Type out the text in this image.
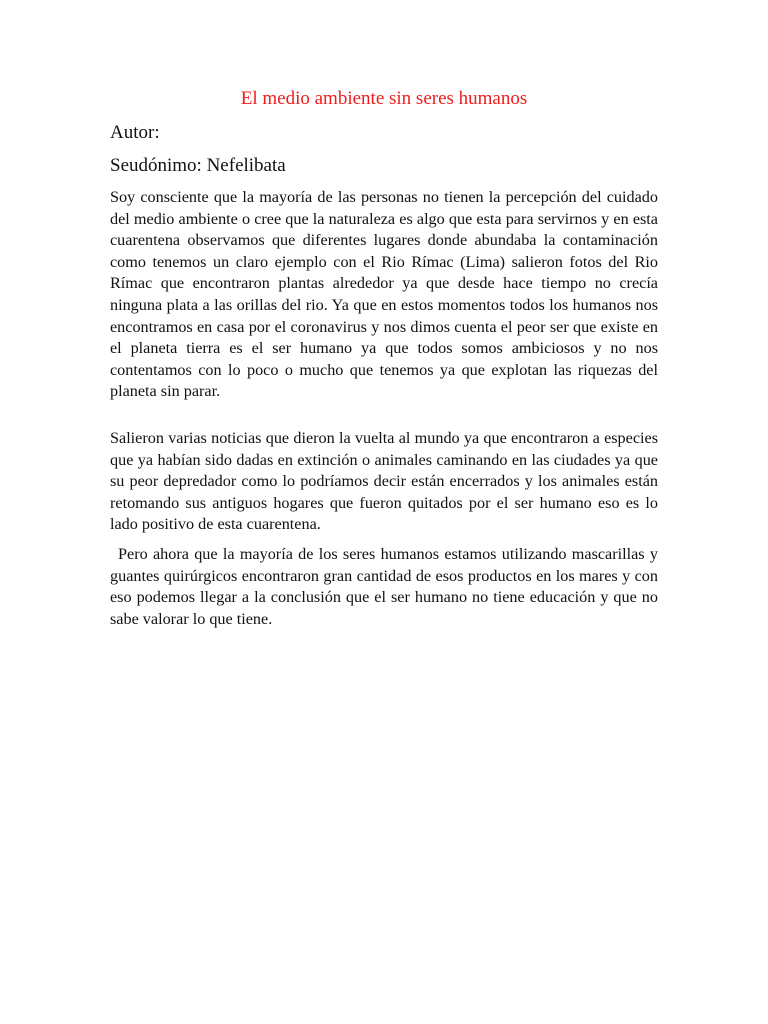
El medio ambiente sin seres humanos

Autor:

Seudónimo: Nefelibata

Soy consciente que la mayoría de las personas no tienen la percepción del cuidado del medio ambiente o cree que la naturaleza es algo que esta para servirnos y en esta cuarentena observamos que diferentes lugares donde abundaba la contaminación como tenemos un claro ejemplo con el Rio Rímac (Lima) salieron fotos del Rio Rímac que encontraron plantas alrededor ya que desde hace tiempo no crecía ninguna plata a las orillas del rio. Ya que en estos momentos todos los humanos nos encontramos en casa por el coronavirus y nos dimos cuenta el peor ser que existe en el planeta tierra es el ser humano ya que todos somos ambiciosos y no nos contentamos con lo poco o mucho que tenemos ya que explotan las riquezas del planeta sin parar.

Salieron varias noticias que dieron la vuelta al mundo ya que encontraron a especies que ya habían sido dadas en extinción o animales caminando en las ciudades ya que su peor depredador como lo podríamos decir están encerrados y los animales están retomando sus antiguos hogares que fueron quitados por el ser humano eso es lo lado positivo de esta cuarentena.

Pero ahora que la mayoría de los seres humanos estamos utilizando mascarillas y guantes quirúrgicos encontraron gran cantidad de esos productos en los mares y con eso podemos llegar a la conclusión que el ser humano no tiene educación y que no sabe valorar lo que tiene.
